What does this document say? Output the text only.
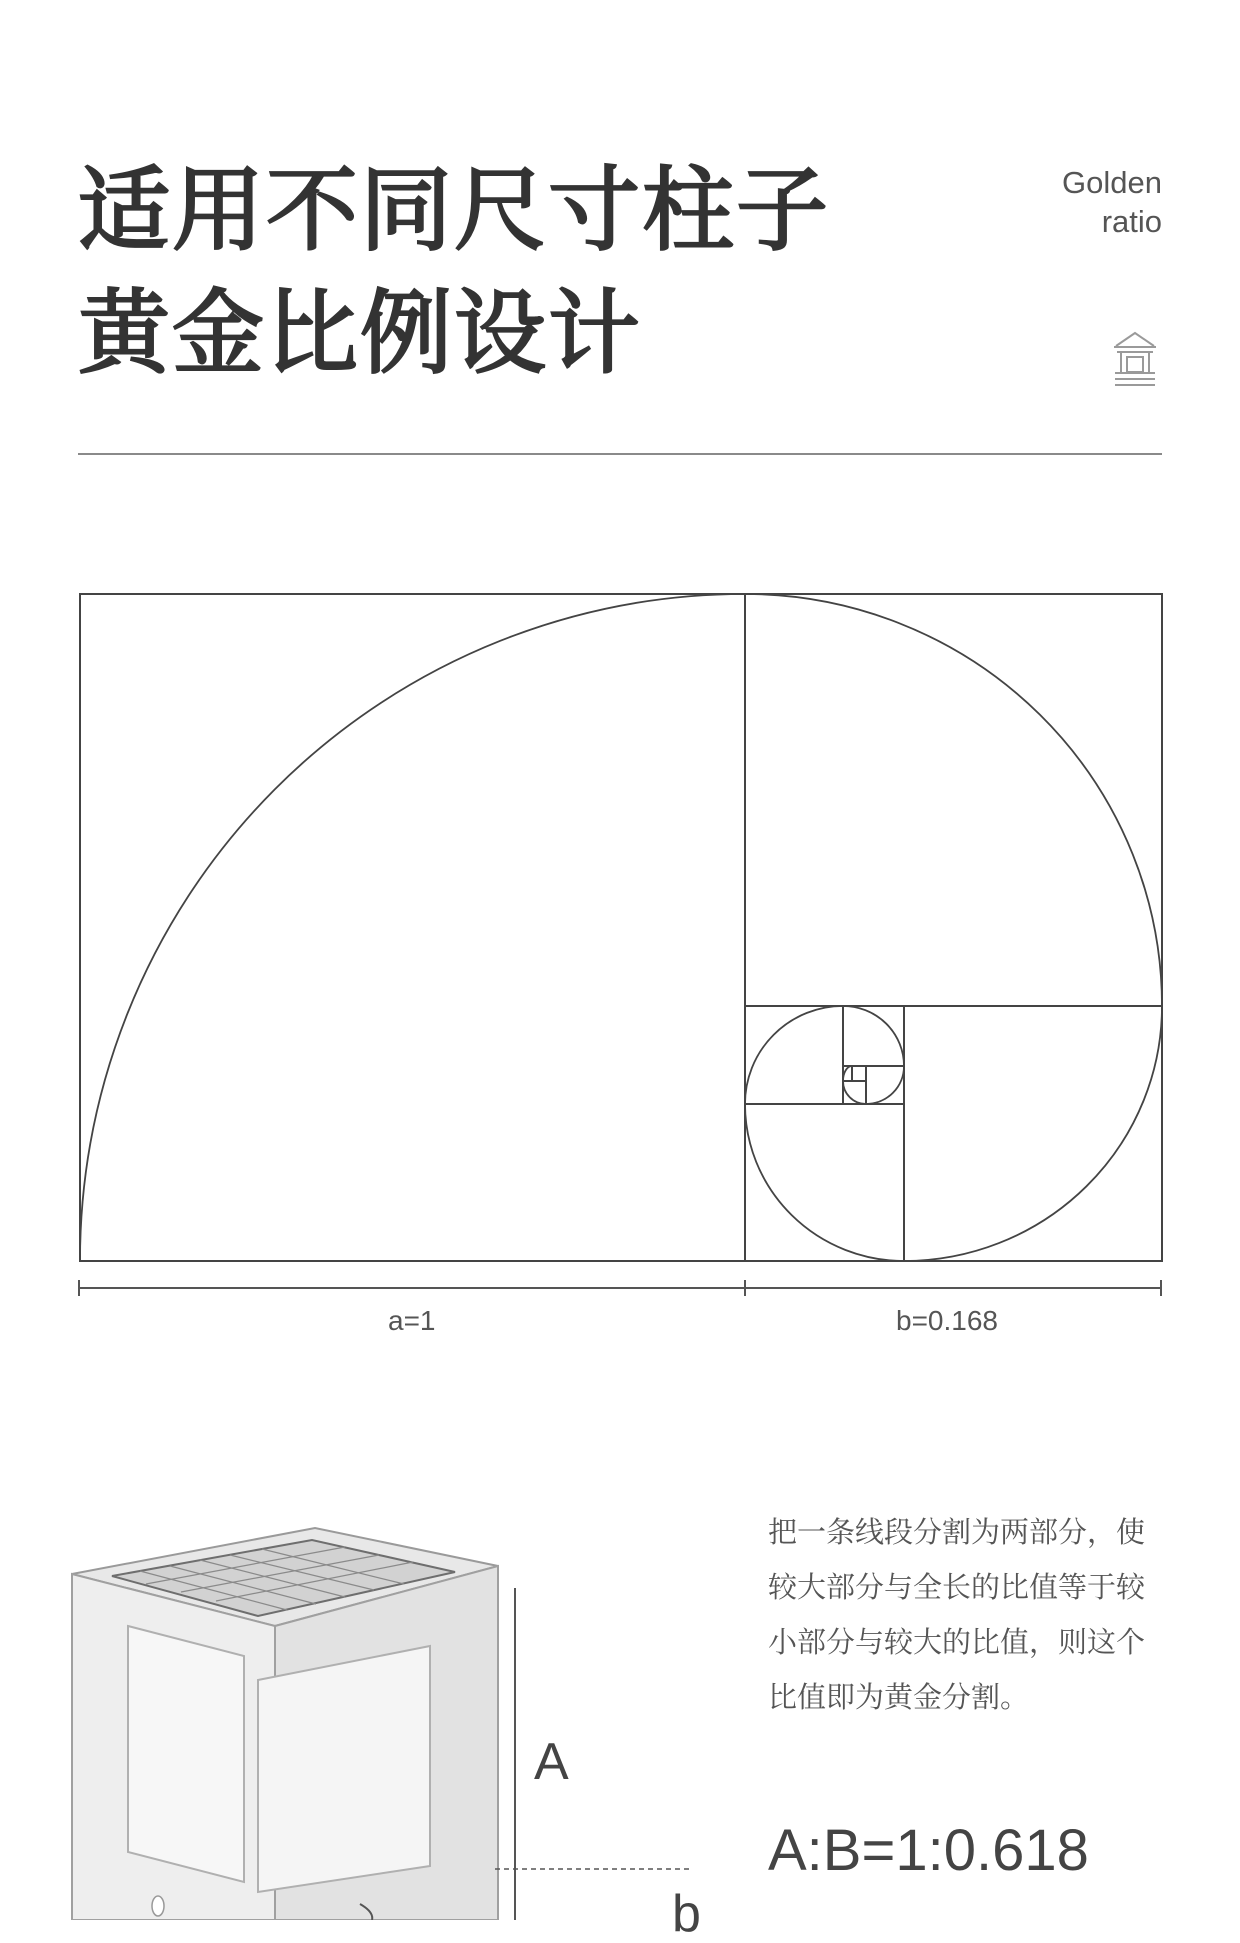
适用不同尺寸柱子
黄金比例设计
Golden
ratio
a=1	b=0.168
A
b

把一条线段分割为两部分，使较大部分与全长的比值等于较小部分与较大的比值，则这个比值即为黄金分割。

A:B=1:0.618
